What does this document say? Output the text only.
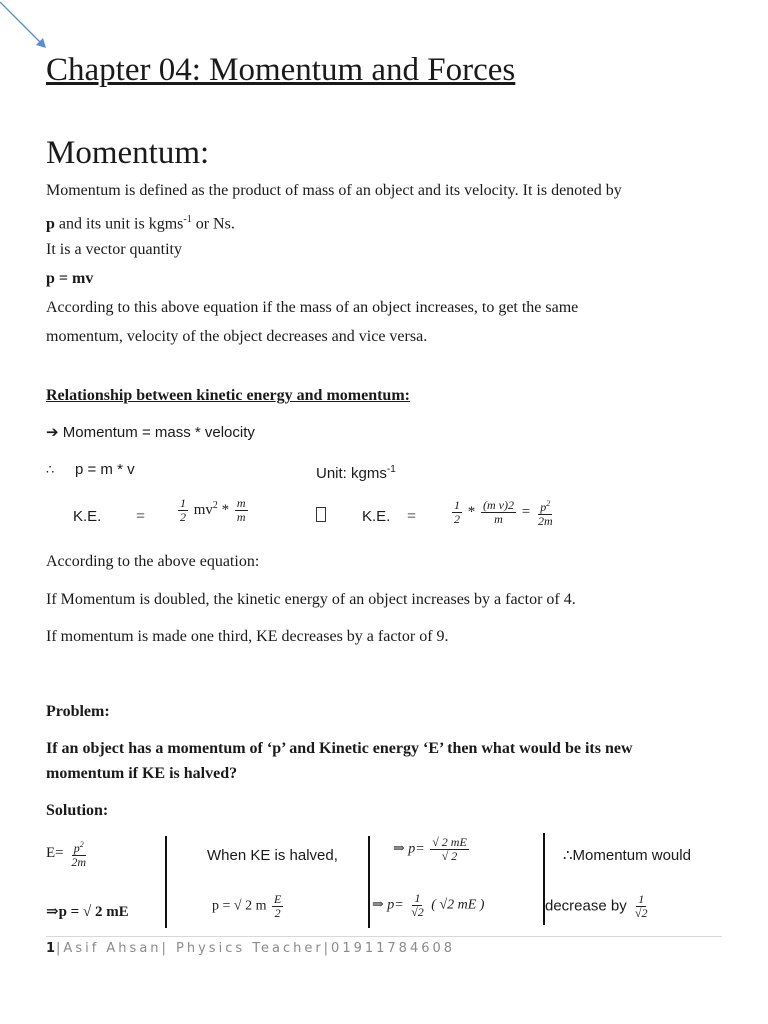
Chapter 04: Momentum and Forces
Momentum:
Momentum is defined as the product of mass of an object and its velocity. It is denoted by
p and its unit is kgms$^{-1}$ or Ns.
It is a vector quantity
p = mv
According to this above equation if the mass of an object increases, to get the same
momentum, velocity of the object decreases and vice versa.
Relationship between kinetic energy and momentum:
➔ Momentum = mass * velocity
∴ p = m * v	Unit: kgms$^{-1}$
K.E. =	$\frac{1}{2} mv^2 * \frac{m}{m}$	K.E. =	$\frac{1}{2} * \frac{\text{(m v)2}}{m} = \frac{p^2}{2m}$
According to the above equation:
If Momentum is doubled, the kinetic energy of an object increases by a factor of 4.
If momentum is made one third, KE decreases by a factor of 9.
Problem:
If an object has a momentum of ‘p’ and Kinetic energy ‘E’ then what would be its new
momentum if KE is halved?
Solution:
$E= \frac{p^2}{2m}$	When KE is halved,	⇒ $p= \frac{√ 2 mE}{√ 2}$	∴Momentum would
⇒p = √ 2 mE	p = √ 2 m $\frac{E}{2}$	⇒ $p= \frac{1}{√2}$ ( √2 mE )	decrease by $\frac{1}{√2}$
1|Asif Ahsan| Physics Teacher|01911784608
